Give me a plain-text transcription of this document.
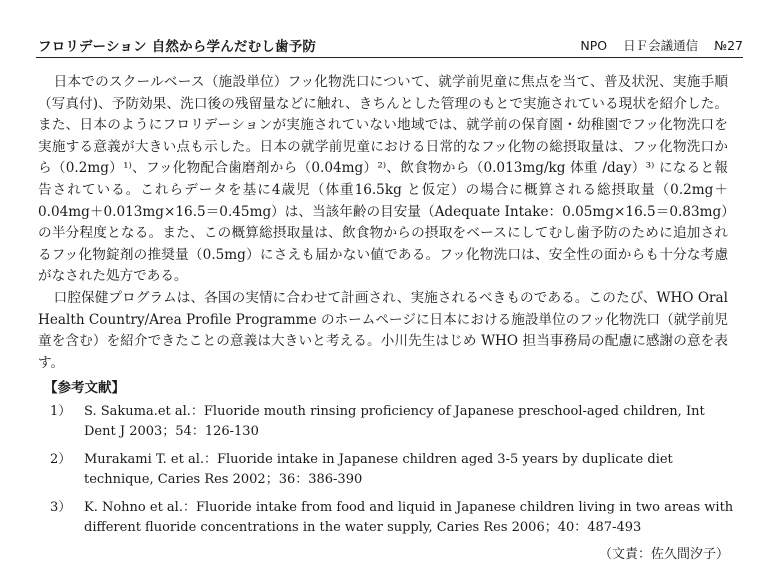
フロリデーション 自然から学んだむし歯予防	NPO 日Ｆ会議通信 №27

日本でのスクールベース（施設単位）フッ化物洗口について、就学前児童に焦点を当て、普及状況、実施手順（写真付)、予防効果、洗口後の残留量などに触れ、きちんとした管理のもとで実施されている現状を紹介した。また、日本のようにフロリデーションが実施されていない地域では、就学前の保育園・幼稚園でフッ化物洗口を実施する意義が大きい点も示した。日本の就学前児童における日常的なフッ化物の総摂取量は、フッ化物洗口から（0.2mg）¹⁾、フッ化物配合歯磨剤から（0.04mg）²⁾、飲食物から（0.013mg/kg 体重 /day）³⁾ になると報告されている。これらデータを基に4歳児（体重16.5kg と仮定）の場合に概算される総摂取量（0.2mg＋0.04mg＋0.013mg×16.5＝0.45mg）は、当該年齢の目安量（Adequate Intake：0.05mg×16.5＝0.83mg）の半分程度となる。また、この概算総摂取量は、飲食物からの摂取をベースにしてむし歯予防のために追加されるフッ化物錠剤の推奨量（0.5mg）にさえも届かない値である。フッ化物洗口は、安全性の面からも十分な考慮がなされた処方である。

口腔保健プログラムは、各国の実情に合わせて計画され、実施されるべきものである。このたび、WHO Oral Health Country/Area Profile Programme のホームページに日本における施設単位のフッ化物洗口（就学前児童を含む）を紹介できたことの意義は大きいと考える。小川先生はじめ WHO 担当事務局の配慮に感謝の意を表す。

【参考文献】
1） S. Sakuma.et al.：Fluoride mouth rinsing proficiency of Japanese preschool-aged children, Int Dent J 2003；54：126-130
2） Murakami T. et al.：Fluoride intake in Japanese children aged 3-5 years by duplicate diet technique, Caries Res 2002；36：386-390
3） K. Nohno et al.：Fluoride intake from food and liquid in Japanese children living in two areas with different fluoride concentrations in the water supply, Caries Res 2006；40：487-493
（文責：佐久間汐子）
